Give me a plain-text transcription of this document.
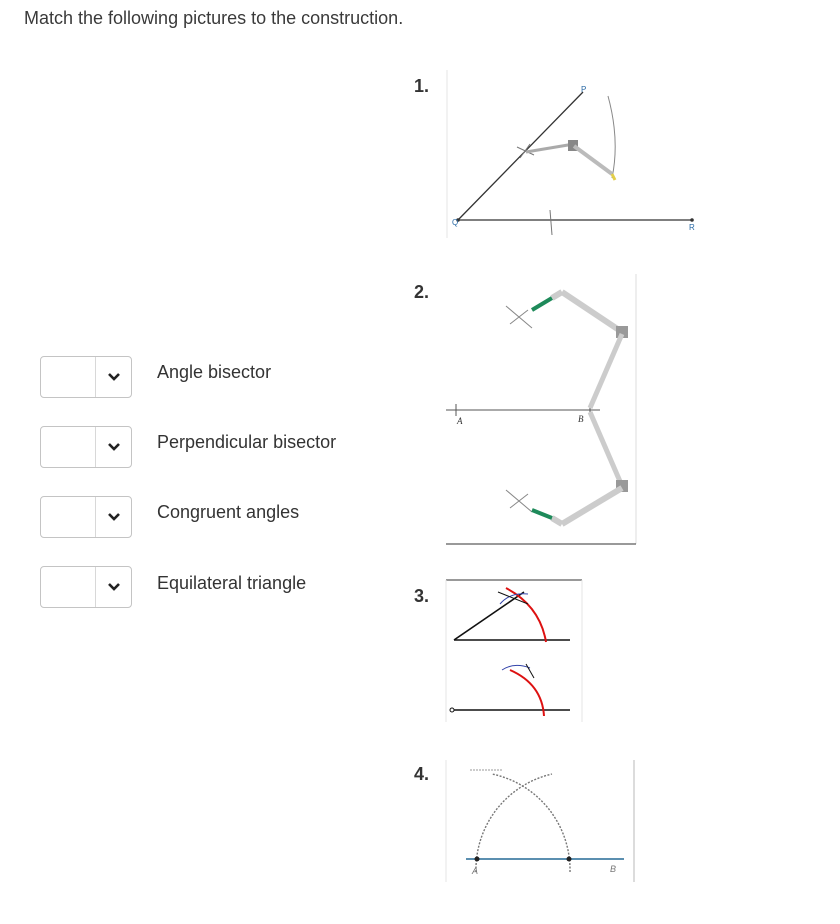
Match the following pictures to the construction.
Angle bisector
Perpendicular bisector
Congruent angles
Equilateral triangle
1.
2.
3.
4.
P
Q
R
A	B
A	B
